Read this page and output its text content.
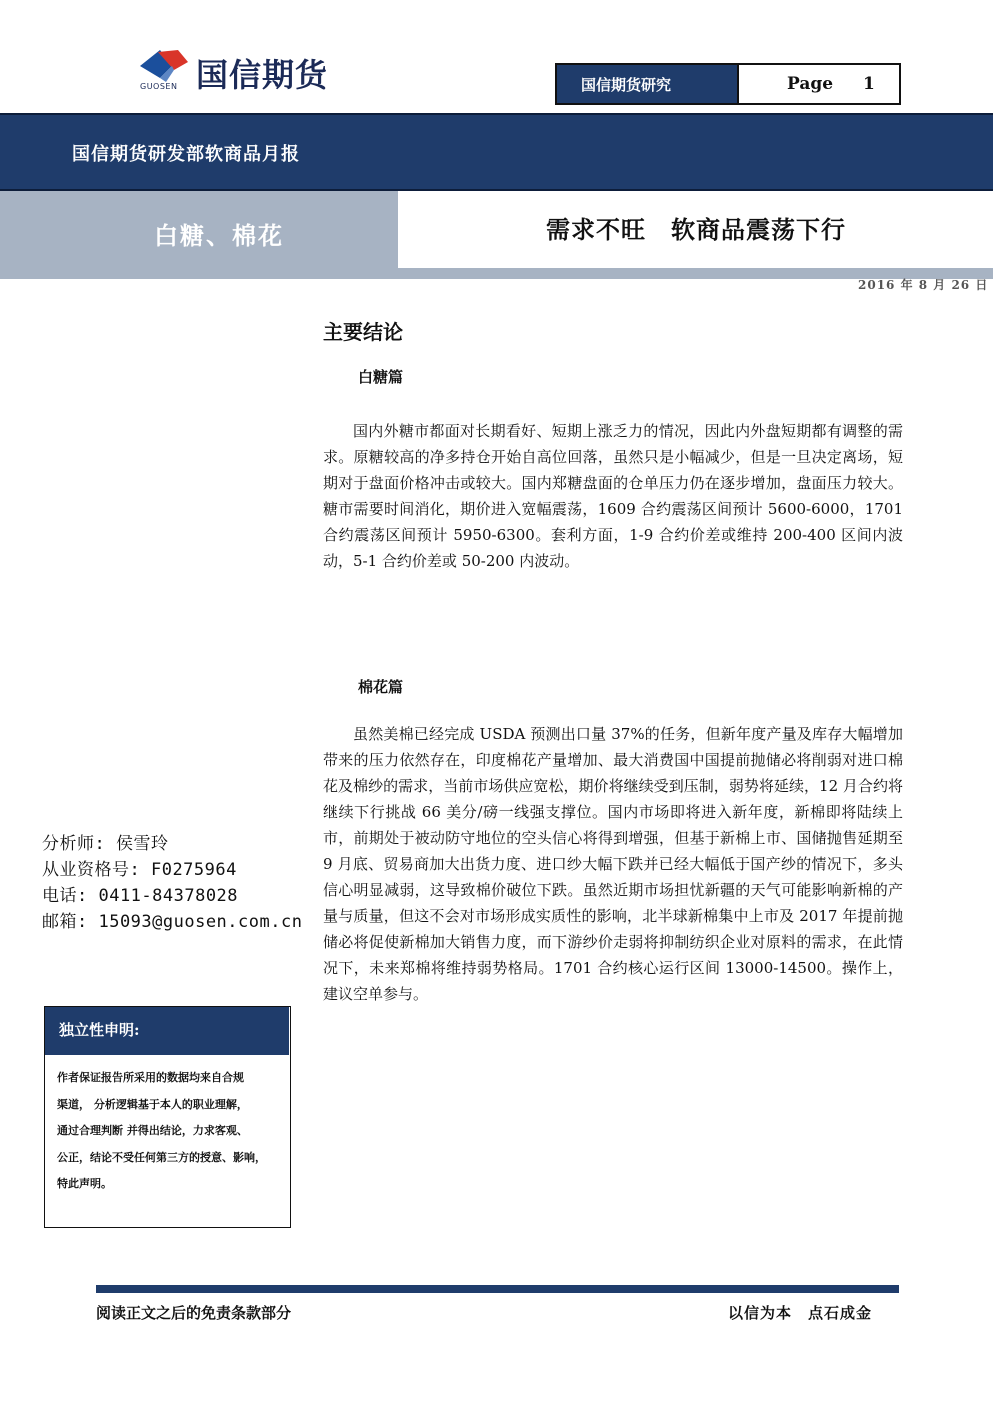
国信期货
GUOSEN	国信期货研究	Page 1
国信期货研发部软商品月报
白糖、棉花	需求不旺　软商品震荡下行
2016 年 8 月 26 日
主要结论
白糖篇
国内外糖市都面对长期看好、短期上涨乏力的情况，因此内外盘短期都有调整的需求。原糖较高的净多持仓开始自高位回落，虽然只是小幅减少，但是一旦决定离场，短期对于盘面价格冲击或较大。国内郑糖盘面的仓单压力仍在逐步增加，盘面压力较大。糖市需要时间消化，期价进入宽幅震荡，1609 合约震荡区间预计 5600-6000，1701 合约震荡区间预计 5950-6300。套利方面，1-9 合约价差或维持 200-400 区间内波动，5-1 合约价差或 50-200 内波动。
棉花篇
虽然美棉已经完成 USDA 预测出口量 37%的任务，但新年度产量及库存大幅增加带来的压力依然存在，印度棉花产量增加、最大消费国中国提前抛储必将削弱对进口棉花及棉纱的需求，当前市场供应宽松，期价将继续受到压制，弱势将延续，12 月合约将继续下行挑战 66 美分/磅一线强支撑位。国内市场即将进入新年度，新棉即将陆续上市，前期处于被动防守地位的空头信心将得到增强，但基于新棉上市、国储抛售延期至 9 月底、贸易商加大出货力度、进口纱大幅下跌并已经大幅低于国产纱的情况下，多头信心明显减弱，这导致棉价破位下跌。虽然近期市场担忧新疆的天气可能影响新棉的产量与质量，但这不会对市场形成实质性的影响，北半球新棉集中上市及 2017 年提前抛储必将促使新棉加大销售力度，而下游纱价走弱将抑制纺织企业对原料的需求，在此情况下，未来郑棉将维持弱势格局。1701 合约核心运行区间 13000-14500。操作上，建议空单参与。
分析师: 侯雪玲
从业资格号: F0275964
电话: 0411-84378028
邮箱: 15093@guosen.com.cn
独立性申明:
作者保证报告所采用的数据均来自合规
渠道， 分析逻辑基于本人的职业理解，
通过合理判断 并得出结论，力求客观、
公正，结论不受任何第三方的授意、影响，
特此声明。
阅读正文之后的免责条款部分	以信为本　点石成金
